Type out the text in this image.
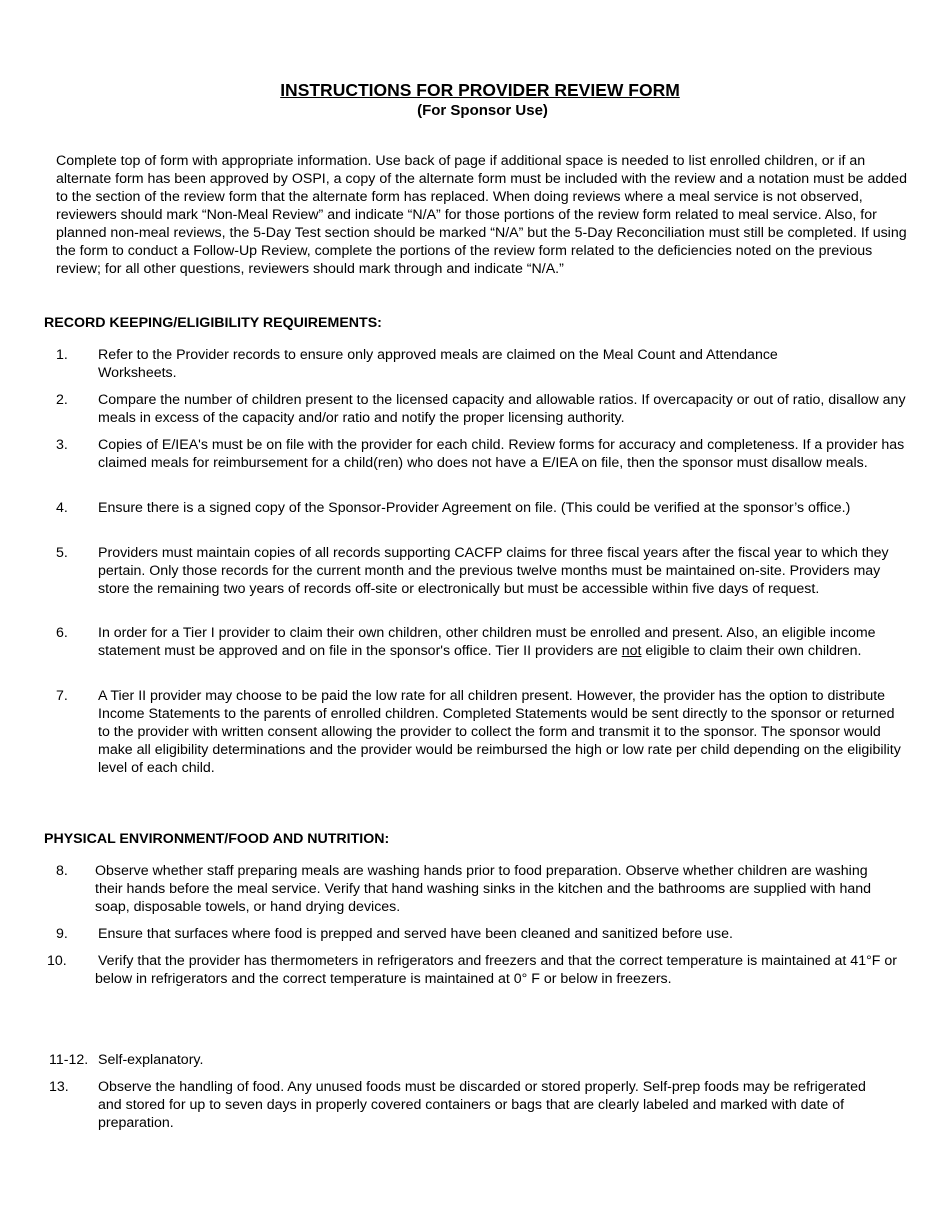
INSTRUCTIONS FOR PROVIDER REVIEW FORM
(For Sponsor Use)

Complete top of form with appropriate information. Use back of page if additional space is needed to list enrolled children, or if an alternate form has been approved by OSPI, a copy of the alternate form must be included with the review and a notation must be added to the section of the review form that the alternate form has replaced. When doing reviews where a meal service is not observed, reviewers should mark “Non-Meal Review” and indicate “N/A” for those portions of the review form related to meal service. Also, for planned non-meal reviews, the 5-Day Test section should be marked “N/A” but the 5-Day Reconciliation must still be completed. If using the form to conduct a Follow-Up Review, complete the portions of the review form related to the deficiencies noted on the previous review; for all other questions, reviewers should mark through and indicate “N/A.”

RECORD KEEPING/ELIGIBILITY REQUIREMENTS:
1.	Refer to the Provider records to ensure only approved meals are claimed on the Meal Count and Attendance Worksheets.
2.	Compare the number of children present to the licensed capacity and allowable ratios. If overcapacity or out of ratio, disallow any meals in excess of the capacity and/or ratio and notify the proper licensing authority.
3.	Copies of E/IEA's must be on file with the provider for each child. Review forms for accuracy and completeness. If a provider has claimed meals for reimbursement for a child(ren) who does not have a E/IEA on file, then the sponsor must disallow meals.
4.	Ensure there is a signed copy of the Sponsor-Provider Agreement on file. (This could be verified at the sponsor’s office.)
5.	Providers must maintain copies of all records supporting CACFP claims for three fiscal years after the fiscal year to which they pertain. Only those records for the current month and the previous twelve months must be maintained on-site. Providers may store the remaining two years of records off-site or electronically but must be accessible within five days of request.
6.	In order for a Tier I provider to claim their own children, other children must be enrolled and present. Also, an eligible income statement must be approved and on file in the sponsor's office. Tier II providers are not eligible to claim their own children.
7.	A Tier II provider may choose to be paid the low rate for all children present. However, the provider has the option to distribute Income Statements to the parents of enrolled children. Completed Statements would be sent directly to the sponsor or returned to the provider with written consent allowing the provider to collect the form and transmit it to the sponsor. The sponsor would make all eligibility determinations and the provider would be reimbursed the high or low rate per child depending on the eligibility level of each child.
PHYSICAL ENVIRONMENT/FOOD AND NUTRITION:
8.	Observe whether staff preparing meals are washing hands prior to food preparation. Observe whether children are washing their hands before the meal service. Verify that hand washing sinks in the kitchen and the bathrooms are supplied with hand soap, disposable towels, or hand drying devices.
9.	Ensure that surfaces where food is prepped and served have been cleaned and sanitized before use.
10.	Verify that the provider has thermometers in refrigerators and freezers and that the correct temperature is maintained at 41°F or below in refrigerators and the correct temperature is maintained at 0° F or below in freezers.
11-12. Self-explanatory.
13.	Observe the handling of food. Any unused foods must be discarded or stored properly. Self-prep foods may be refrigerated and stored for up to seven days in properly covered containers or bags that are clearly labeled and marked with date of preparation.
